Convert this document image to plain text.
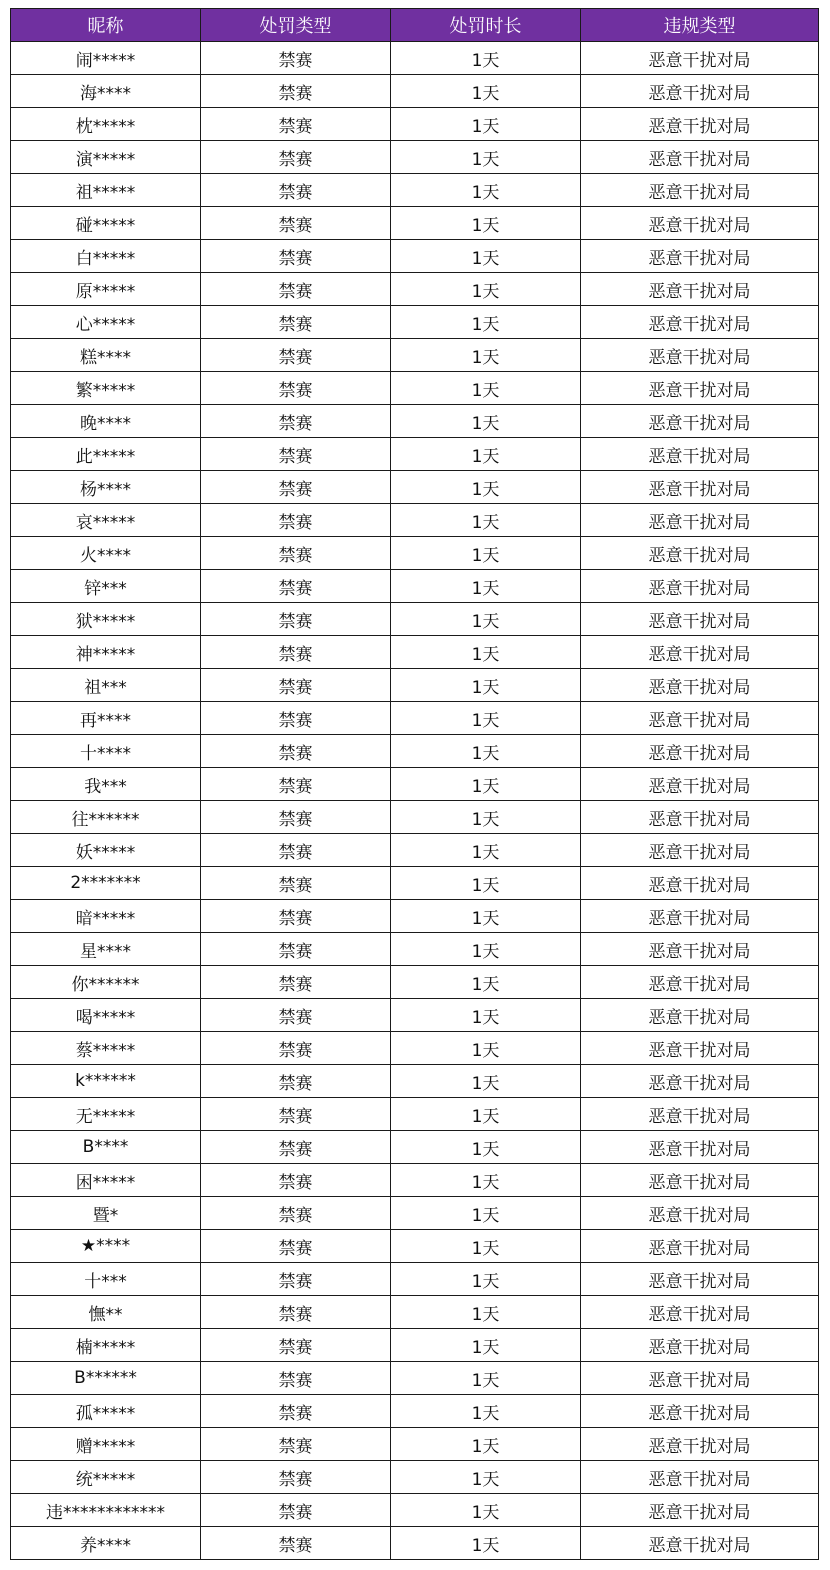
昵称	处罚类型	处罚时长	违规类型
闹*****	禁赛	1天	恶意干扰对局
海****	禁赛	1天	恶意干扰对局
枕*****	禁赛	1天	恶意干扰对局
演*****	禁赛	1天	恶意干扰对局
祖*****	禁赛	1天	恶意干扰对局
碰*****	禁赛	1天	恶意干扰对局
白*****	禁赛	1天	恶意干扰对局
原*****	禁赛	1天	恶意干扰对局
心*****	禁赛	1天	恶意干扰对局
糕****	禁赛	1天	恶意干扰对局
繁*****	禁赛	1天	恶意干扰对局
晚****	禁赛	1天	恶意干扰对局
此*****	禁赛	1天	恶意干扰对局
杨****	禁赛	1天	恶意干扰对局
哀*****	禁赛	1天	恶意干扰对局
火****	禁赛	1天	恶意干扰对局
锌***	禁赛	1天	恶意干扰对局
狱*****	禁赛	1天	恶意干扰对局
神*****	禁赛	1天	恶意干扰对局
祖***	禁赛	1天	恶意干扰对局
再****	禁赛	1天	恶意干扰对局
十****	禁赛	1天	恶意干扰对局
我***	禁赛	1天	恶意干扰对局
往******	禁赛	1天	恶意干扰对局
妖*****	禁赛	1天	恶意干扰对局
2*******	禁赛	1天	恶意干扰对局
暗*****	禁赛	1天	恶意干扰对局
星****	禁赛	1天	恶意干扰对局
你******	禁赛	1天	恶意干扰对局
喝*****	禁赛	1天	恶意干扰对局
蔡*****	禁赛	1天	恶意干扰对局
k******	禁赛	1天	恶意干扰对局
无*****	禁赛	1天	恶意干扰对局
B****	禁赛	1天	恶意干扰对局
困*****	禁赛	1天	恶意干扰对局
暨*	禁赛	1天	恶意干扰对局
★****	禁赛	1天	恶意干扰对局
十***	禁赛	1天	恶意干扰对局
憮**	禁赛	1天	恶意干扰对局
楠*****	禁赛	1天	恶意干扰对局
B******	禁赛	1天	恶意干扰对局
孤*****	禁赛	1天	恶意干扰对局
赠*****	禁赛	1天	恶意干扰对局
统*****	禁赛	1天	恶意干扰对局
违************	禁赛	1天	恶意干扰对局
养****	禁赛	1天	恶意干扰对局
